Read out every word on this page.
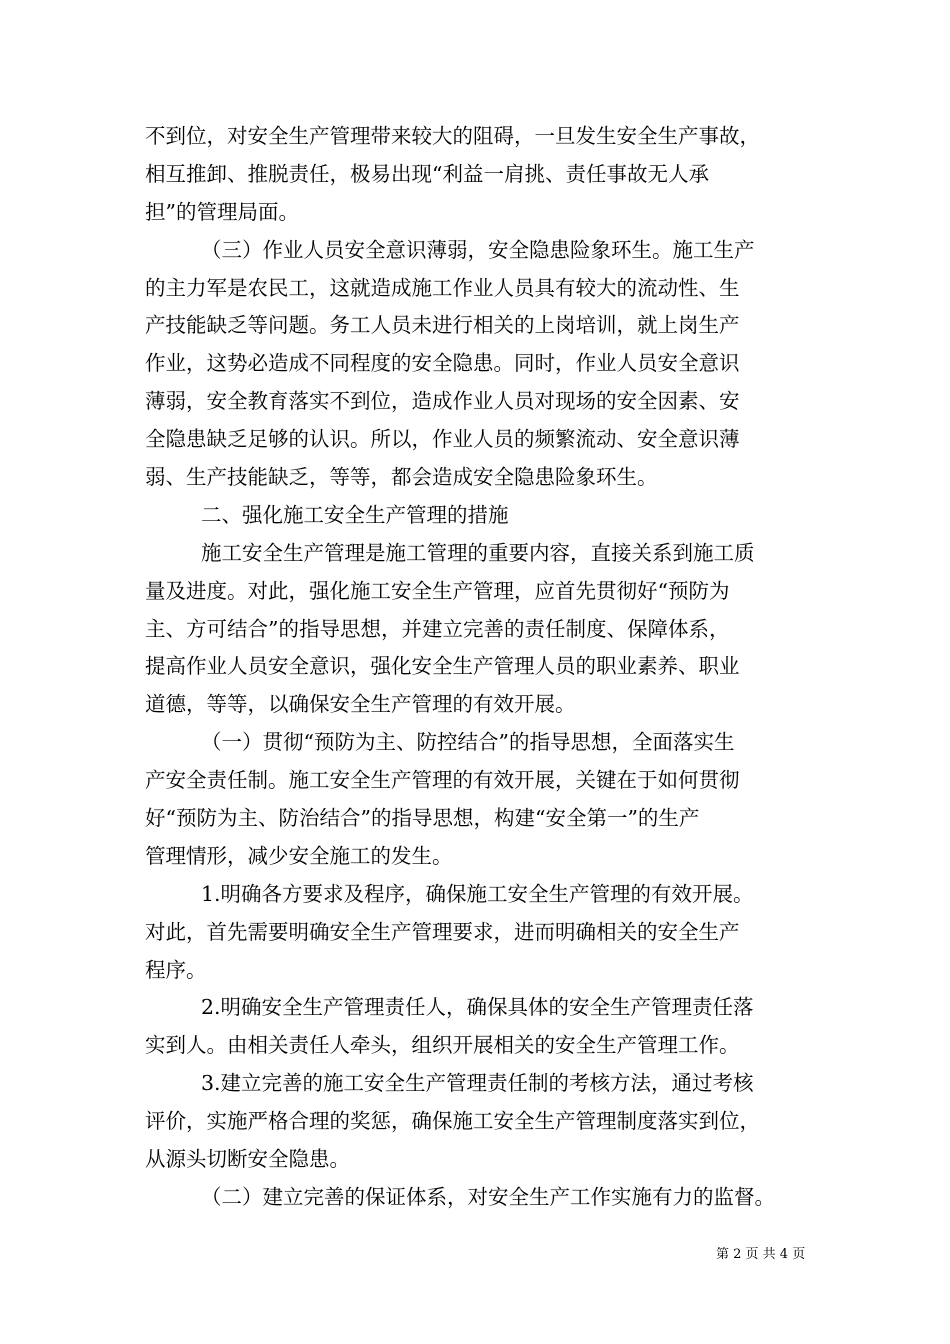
不到位，对安全生产管理带来较大的阻碍，一旦发生安全生产事故，
相互推卸、推脱责任，极易出现“利益一肩挑、责任事故无人承
担”的管理局面。
（三）作业人员安全意识薄弱，安全隐患险象环生。施工生产
的主力军是农民工，这就造成施工作业人员具有较大的流动性、生
产技能缺乏等问题。务工人员未进行相关的上岗培训，就上岗生产
作业，这势必造成不同程度的安全隐患。同时，作业人员安全意识
薄弱，安全教育落实不到位，造成作业人员对现场的安全因素、安
全隐患缺乏足够的认识。所以，作业人员的频繁流动、安全意识薄
弱、生产技能缺乏，等等，都会造成安全隐患险象环生。
二、强化施工安全生产管理的措施
施工安全生产管理是施工管理的重要内容，直接关系到施工质
量及进度。对此，强化施工安全生产管理，应首先贯彻好“预防为
主、方可结合”的指导思想，并建立完善的责任制度、保障体系，
提高作业人员安全意识，强化安全生产管理人员的职业素养、职业
道德，等等，以确保安全生产管理的有效开展。
（一）贯彻“预防为主、防控结合”的指导思想，全面落实生
产安全责任制。施工安全生产管理的有效开展，关键在于如何贯彻
好“预防为主、防治结合”的指导思想，构建“安全第一”的生产
管理情形，减少安全施工的发生。
1.明确各方要求及程序，确保施工安全生产管理的有效开展。
对此，首先需要明确安全生产管理要求，进而明确相关的安全生产
程序。
2.明确安全生产管理责任人，确保具体的安全生产管理责任落
实到人。由相关责任人牵头，组织开展相关的安全生产管理工作。
3.建立完善的施工安全生产管理责任制的考核方法，通过考核
评价，实施严格合理的奖惩，确保施工安全生产管理制度落实到位，
从源头切断安全隐患。
（二）建立完善的保证体系，对安全生产工作实施有力的监督。
第 2 页 共 4 页
